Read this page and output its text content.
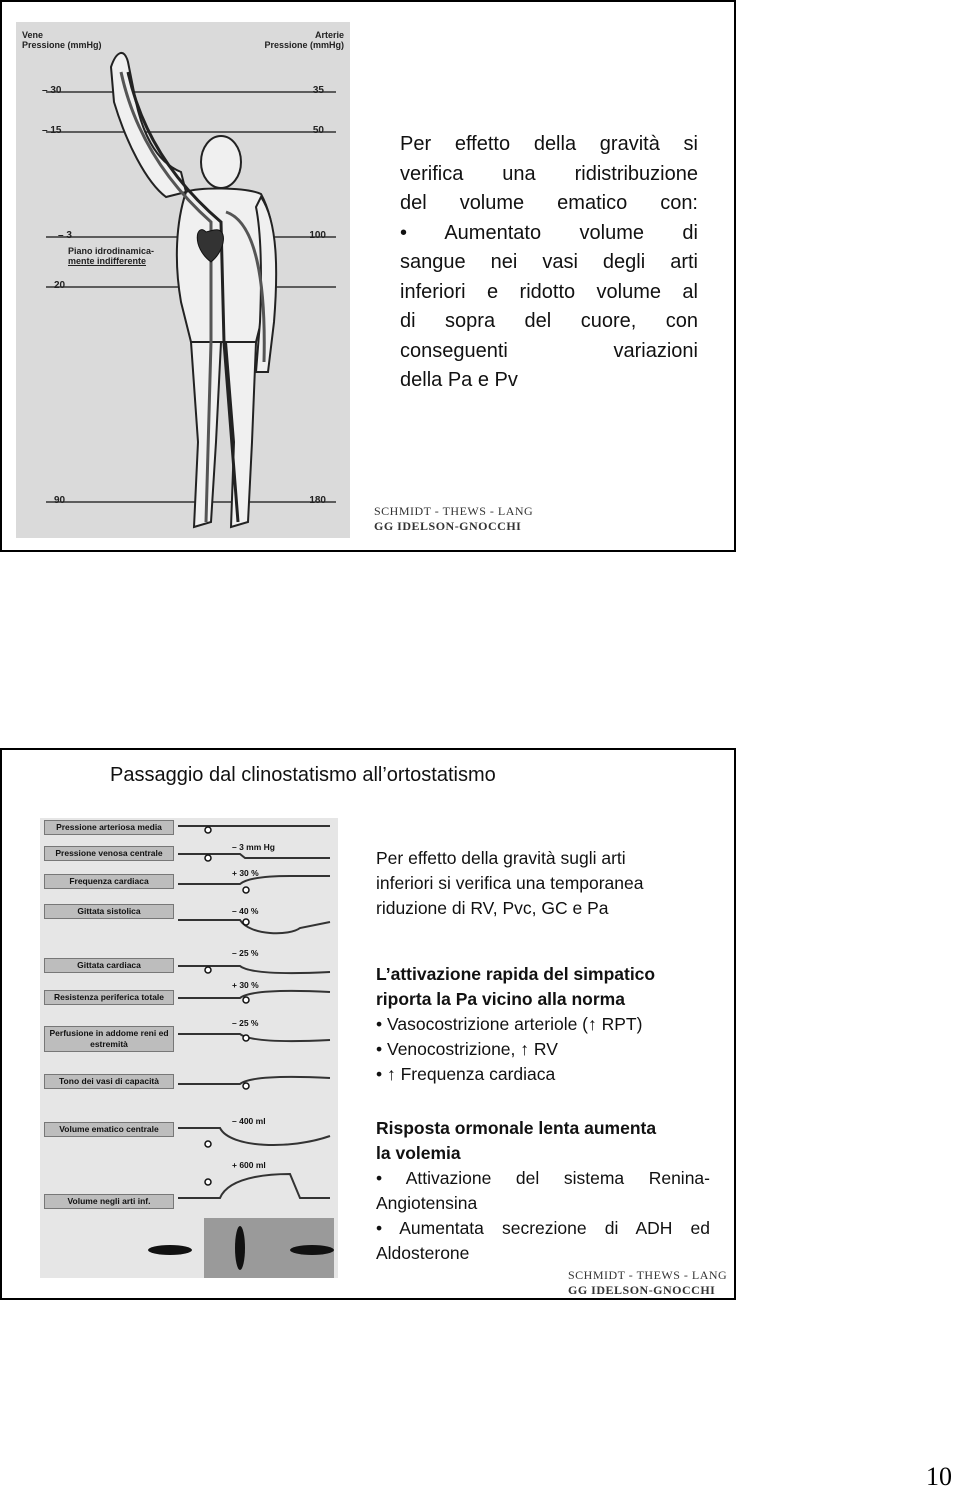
Vene
Pressione (mmHg)
Arterie
Pressione (mmHg)
– 30
– 15
– 3
20
90
35
50
100
180
Piano idrodinamica-
mente indifferente
Per effetto della gravità si
verifica una ridistribuzione
del volume ematico con:
• Aumentato volume di
sangue nei vasi degli arti
inferiori e ridotto volume al
di sopra del cuore, con
conseguenti variazioni
della Pa e Pv
SCHMIDT - THEWS - LANG
GG IDELSON-GNOCCHI
Passaggio dal clinostatismo all’ortostatismo
Pressione arteriosa media
Pressione venosa centrale
Frequenza cardiaca
Gittata sistolica
Gittata cardiaca
Resistenza periferica totale
Perfusione in addome reni ed estremità
Tono dei vasi di capacità
Volume ematico centrale
Volume negli arti inf.
– 3 mm Hg
+ 30 %
– 40 %
– 25 %
+ 30 %
– 25 %
– 400 ml
+ 600 ml
Per effetto della gravità sugli arti
inferiori si verifica una temporanea
riduzione di RV, Pvc, GC e Pa
L’attivazione rapida del simpatico
riporta la Pa vicino alla norma
• Vasocostrizione arteriole (↑ RPT)
• Venocostrizione, ↑ RV
• ↑ Frequenza cardiaca
Risposta ormonale lenta aumenta
la volemia
• Attivazione del sistema Renina-
Angiotensina
• Aumentata secrezione di ADH ed
Aldosterone
SCHMIDT - THEWS - LANG
GG IDELSON-GNOCCHI
10
